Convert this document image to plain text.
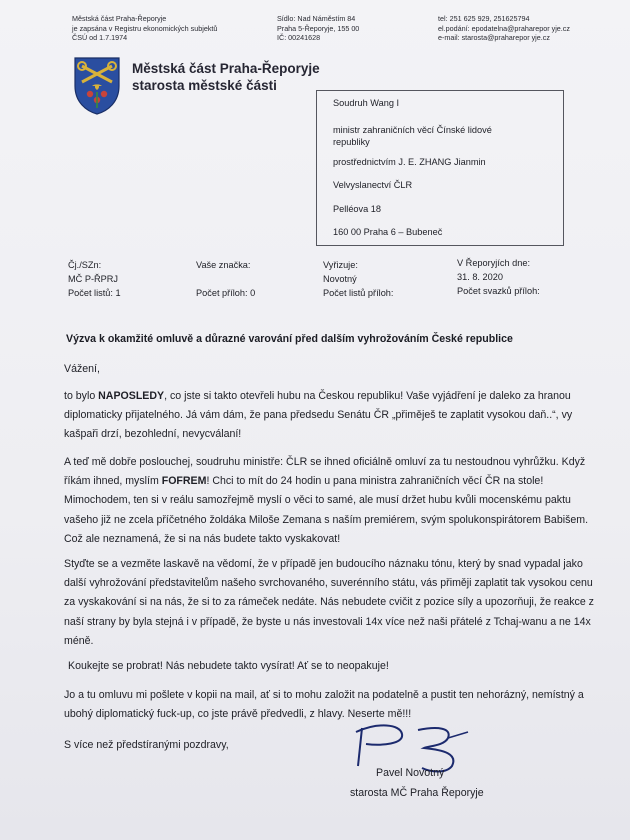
Městská část Praha-Řeporyje
je zapsána v Registru ekonomických subjektů
ČSÚ od 1.7.1974
Sídlo: Nad Náměstím 84
Praha 5-Řeporyje, 155 00
IČ: 00241628
tel: 251 625 929, 251625794
el.podání: epodatelna@praharepor yje.cz
e-mail: starosta@praharepor yje.cz
Městská část Praha-Řeporyje
starosta městské části
Soudruh Wang I
ministr zahraničních věcí Čínské lidové republiky
prostřednictvím J. E. ZHANG Jianmin
Velvyslanectví ČLR
Pelléova 18
160 00 Praha 6 – Bubeneč
Čj./SZn:
MČ P-ŘPRJ
Počet listů: 1
Vaše značka:
Počet příloh: 0
Vyřizuje:
Novotný
Počet listů příloh:
V Řeporyjích dne:
31. 8. 2020
Počet svazků příloh:
Výzva k okamžité omluvě a důrazné varování před dalším vyhrožováním České republice
Vážení,
to bylo NAPOSLEDY, co jste si takto otevřeli hubu na Českou republiku! Vaše vyjádření je daleko za hranou diplomaticky přijatelného. Já vám dám, že pana předsedu Senátu ČR „přiměješ te zaplatit vysokou daň..“, vy kašpaři drzí, bezohlední, nevycválaní!
A teď mě dobře poslouchej, soudruhu ministře: ČLR se ihned oficiálně omluví za tu nestoudnou vyhrůžku. Když říkám ihned, myslím FOFREM! Chci to mít do 24 hodin u pana ministra zahraničních věcí ČR na stole! Mimochodem, ten si v reálu samozřejmě myslí o věci to samé, ale musí držet hubu kvůli mocenskému paktu vašeho již ne zcela příčetného žoldáka Miloše Zemana s naším premiérem, svým spolukonspirátorem Babišem. Což ale neznamená, že si na nás budete takto vyskakovat!
Styďte se a vezměte laskavě na vědomí, že v případě jen budoucího náznaku tónu, který by snad vypadal jako další vyhrožování představitelům našeho svrchovaného, suverénního státu, vás přiměji zaplatit tak vysokou cenu za vyskakování si na nás, že si to za rámeček nedáte. Nás nebudete cvičit z pozice síly a upozorňuji, že reakce z naší strany by byla stejná i v případě, že byste u nás investovali 14x více než naši přátelé z Tchaj-wanu a ne 14x méně.
Koukejte se probrat! Nás nebudete takto vysírat! Ať se to neopakuje!
Jo a tu omluvu mi pošlete v kopii na mail, ať si to mohu založit na podatelně a pustit ten nehorázný, nemístný a ubohý diplomatický fuck-up, co jste právě předvedli, z hlavy. Neserte mě!!!
S více než předstíranými pozdravy,
Pavel Novotný
starosta MČ Praha Řeporyje
